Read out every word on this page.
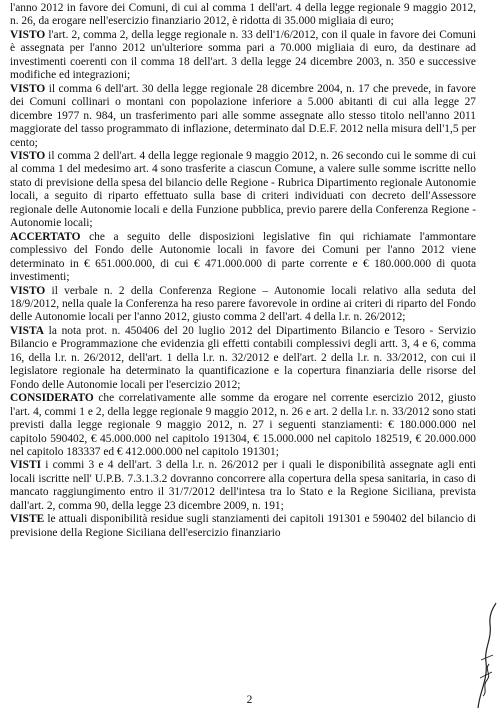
l'anno 2012 in favore dei Comuni, di cui al comma 1 dell'art. 4 della legge regionale 9 maggio 2012, n. 26, da erogare nell'esercizio finanziario 2012, è ridotta di 35.000 migliaia di euro;

VISTO l'art. 2, comma 2, della legge regionale n. 33 dell'1/6/2012, con il quale in favore dei Comuni è assegnata per l'anno 2012 un'ulteriore somma pari a 70.000 migliaia di euro, da destinare ad investimenti coerenti con il comma 18 dell'art. 3 della legge 24 dicembre 2003, n. 350 e successive modifiche ed integrazioni;

VISTO il comma 6 dell'art. 30 della legge regionale 28 dicembre 2004, n. 17 che prevede, in favore dei Comuni collinari o montani con popolazione inferiore a 5.000 abitanti di cui alla legge 27 dicembre 1977 n. 984, un trasferimento pari alle somme assegnate allo stesso titolo nell'anno 2011 maggiorate del tasso programmato di inflazione, determinato dal D.E.F. 2012 nella misura dell'1,5 per cento;

VISTO il comma 2 dell'art. 4 della legge regionale 9 maggio 2012, n. 26 secondo cui le somme di cui al comma 1 del medesimo art. 4 sono trasferite a ciascun Comune, a valere sulle somme iscritte nello stato di previsione della spesa del bilancio delle Regione - Rubrica Dipartimento regionale Autonomie locali, a seguito di riparto effettuato sulla base di criteri individuati con decreto dell'Assessore regionale delle Autonomie locali e della Funzione pubblica, previo parere della Conferenza Regione - Autonomie locali;

ACCERTATO che a seguito delle disposizioni legislative fin qui richiamate l'ammontare complessivo del Fondo delle Autonomie locali in favore dei Comuni per l'anno 2012 viene determinato in € 651.000.000, di cui € 471.000.000 di parte corrente e € 180.000.000 di quota investimenti;

VISTO il verbale n. 2 della Conferenza Regione – Autonomie locali relativo alla seduta del 18/9/2012, nella quale la Conferenza ha reso parere favorevole in ordine ai criteri di riparto del Fondo delle Autonomie locali per l'anno 2012, giusto comma 2 dell'art. 4 della l.r. n. 26/2012;

VISTA la nota prot. n. 450406 del 20 luglio 2012 del Dipartimento Bilancio e Tesoro - Servizio Bilancio e Programmazione che evidenzia gli effetti contabili complessivi degli artt. 3, 4 e 6, comma 16, della l.r. n. 26/2012, dell'art. 1 della l.r. n. 32/2012 e dell'art. 2 della l.r. n. 33/2012, con cui il legislatore regionale ha determinato la quantificazione e la copertura finanziaria delle risorse del Fondo delle Autonomie locali per l'esercizio 2012;

CONSIDERATO che correlativamente alle somme da erogare nel corrente esercizio 2012, giusto l'art. 4, commi 1 e 2, della legge regionale 9 maggio 2012, n. 26 e art. 2 della l.r. n. 33/2012 sono stati previsti dalla legge regionale 9 maggio 2012, n. 27 i seguenti stanziamenti: € 180.000.000 nel capitolo 590402, € 45.000.000 nel capitolo 191304, € 15.000.000 nel capitolo 182519, € 20.000.000 nel capitolo 183337 ed € 412.000.000 nel capitolo 191301;

VISTI i commi 3 e 4 dell'art. 3 della l.r. n. 26/2012 per i quali le disponibilità assegnate agli enti locali iscritte nell' U.P.B. 7.3.1.3.2 dovranno concorrere alla copertura della spesa sanitaria, in caso di mancato raggiungimento entro il 31/7/2012 dell'intesa tra lo Stato e la Regione Siciliana, prevista dall'art. 2, comma 90, della legge 23 dicembre 2009, n. 191;

VISTE le attuali disponibilità residue sugli stanziamenti dei capitoli 191301 e 590402 del bilancio di previsione della Regione Siciliana dell'esercizio finanziario

2
